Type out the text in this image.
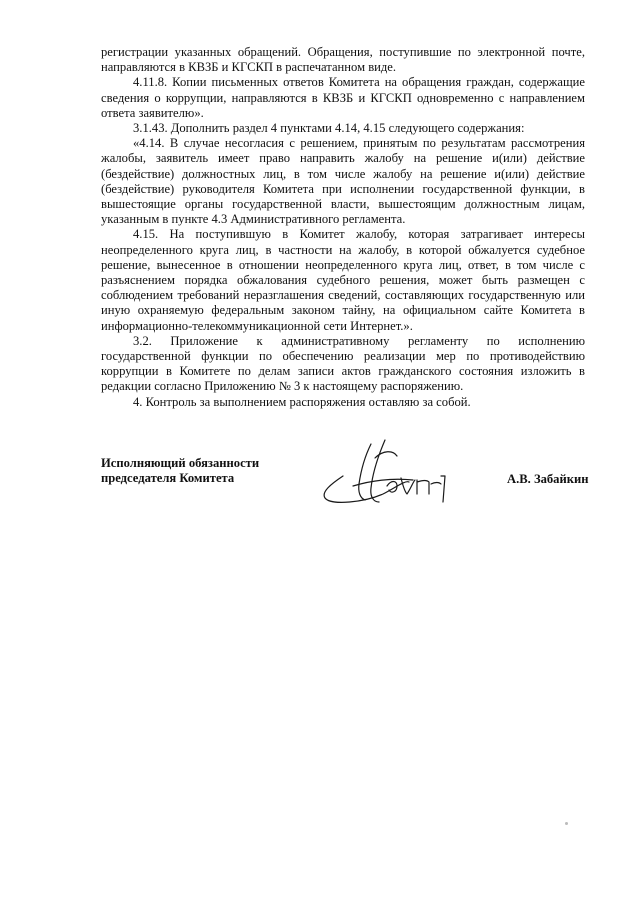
регистрации указанных обращений. Обращения, поступившие по электронной почте, направляются в КВЗБ и КГСКП в распечатанном виде.

4.11.8. Копии письменных ответов Комитета на обращения граждан, содержащие сведения о коррупции, направляются в КВЗБ и КГСКП одновременно с направлением ответа заявителю».

3.1.43. Дополнить раздел 4 пунктами 4.14, 4.15 следующего содержания:

«4.14. В случае несогласия с решением, принятым по результатам рассмотрения жалобы, заявитель имеет право направить жалобу на решение и(или) действие (бездействие) должностных лиц, в том числе жалобу на решение и(или) действие (бездействие) руководителя Комитета при исполнении государственной функции, в вышестоящие органы государственной власти, вышестоящим должностным лицам, указанным в пункте 4.3 Административного регламента.

4.15. На поступившую в Комитет жалобу, которая затрагивает интересы неопределенного круга лиц, в частности на жалобу, в которой обжалуется судебное решение, вынесенное в отношении неопределенного круга лиц, ответ, в том числе с разъяснением порядка обжалования судебного решения, может быть размещен с соблюдением требований неразглашения сведений, составляющих государственную или иную охраняемую федеральным законом тайну, на официальном сайте Комитета в информационно-телекоммуникационной сети Интернет.».

3.2. Приложение к административному регламенту по исполнению государственной функции по обеспечению реализации мер по противодействию коррупции в Комитете по делам записи актов гражданского состояния изложить в редакции согласно Приложению № 3 к настоящему распоряжению.

4. Контроль за выполнением распоряжения оставляю за собой.

Исполняющий обязанности
председателя Комитета	А.В. Забайкин
